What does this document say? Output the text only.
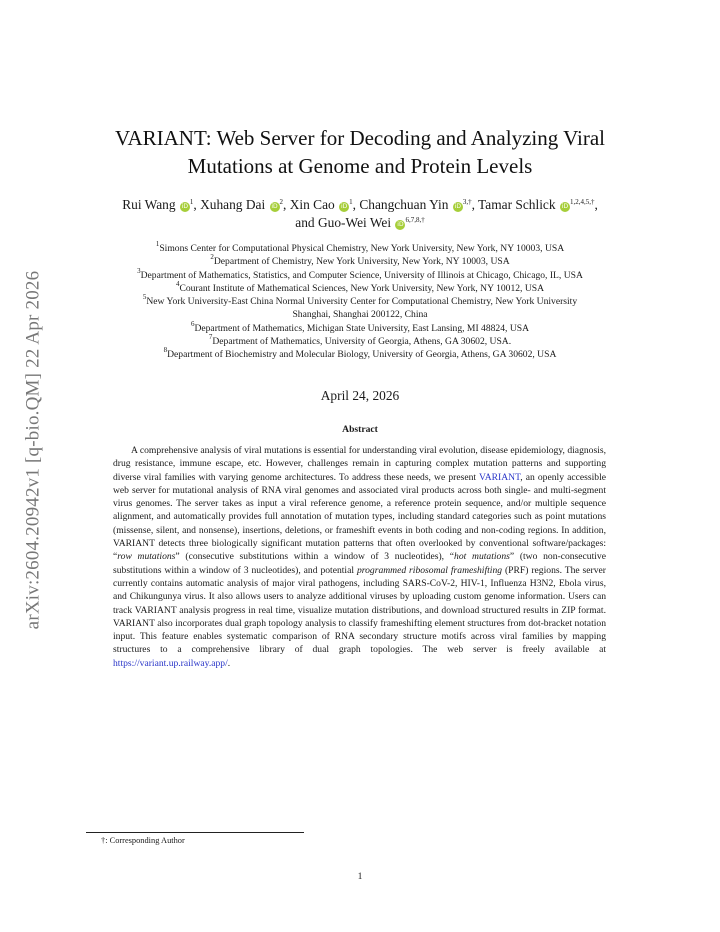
arXiv:2604.20942v1 [q-bio.QM] 22 Apr 2026
VARIANT: Web Server for Decoding and Analyzing Viral
Mutations at Genome and Protein Levels
Rui Wang $iD^1$, Xuhang Dai $iD^2$, Xin Cao $iD^1$, Changchuan Yin $iD^{3,\dagger}$, Tamar Schlick $iD^{1,2,4,5,\dagger}$,
and Guo-Wei Wei $iD^{6,7,8,\dagger}$
$^1$Simons Center for Computational Physical Chemistry, New York University, New York, NY 10003, USA
$^2$Department of Chemistry, New York University, New York, NY 10003, USA
$^3$Department of Mathematics, Statistics, and Computer Science, University of Illinois at Chicago, Chicago, IL, USA
$^4$Courant Institute of Mathematical Sciences, New York University, New York, NY 10012, USA
$^5$New York University-East China Normal University Center for Computational Chemistry, New York University
Shanghai, Shanghai 200122, China
$^6$Department of Mathematics, Michigan State University, East Lansing, MI 48824, USA
$^7$Department of Mathematics, University of Georgia, Athens, GA 30602, USA.
$^8$Department of Biochemistry and Molecular Biology, University of Georgia, Athens, GA 30602, USA
April 24, 2026
Abstract
A comprehensive analysis of viral mutations is essential for understanding viral evolution, disease epidemiology, diagnosis, drug resistance, immune escape, etc. However, challenges remain in capturing complex mutation patterns and supporting diverse viral families with varying genome architectures. To address these needs, we present VARIANT, an openly accessible web server for mutational analysis of RNA viral genomes and associated viral products across both single- and multi-segment virus genomes. The server takes as input a viral reference genome, a reference protein sequence, and/or multiple sequence alignment, and automatically provides full annotation of mutation types, including standard categories such as point mutations (missense, silent, and nonsense), insertions, deletions, or frameshift events in both coding and non-coding regions. In addition, VARIANT detects three biologically significant mutation patterns that often overlooked by conventional software/packages: “row mutations” (consecutive substitutions within a window of 3 nucleotides), “hot mutations” (two non-consecutive substitutions within a window of 3 nucleotides), and potential programmed ribosomal frameshifting (PRF) regions. The server currently contains automatic analysis of major viral pathogens, including SARS-CoV-2, HIV-1, Influenza H3N2, Ebola virus, and Chikungunya virus. It also allows users to analyze additional viruses by uploading custom genome information. Users can track VARIANT analysis progress in real time, visualize mutation distributions, and download structured results in ZIP format. VARIANT also incorporates dual graph topology analysis to classify frameshifting element structures from dot-bracket notation input. This feature enables systematic comparison of RNA secondary structure motifs across viral families by mapping structures to a comprehensive library of dual graph topologies. The web server is freely available at https://variant.up.railway.app/.
†: Corresponding Author
1
